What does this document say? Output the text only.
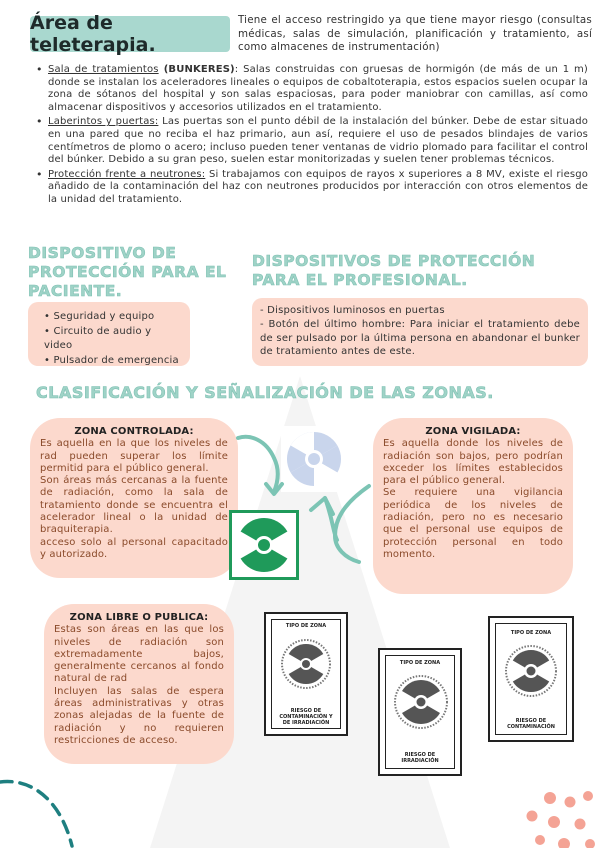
Área de teleterapia.

Tiene el acceso restringido ya que tiene mayor riesgo (consultas médicas, salas de simulación, planificación y tratamiento, así como almacenes de instrumentación)

• Sala de tratamientos (BUNKERES): Salas construidas con gruesas de hormigón (de más de un 1 m) donde se instalan los aceleradores lineales o equipos de cobaltoterapia, estos espacios suelen ocupar la zona de sótanos del hospital y son salas espaciosas, para poder maniobrar con camillas, así como almacenar dispositivos y accesorios utilizados en el tratamiento.
• Laberintos y puertas: Las puertas son el punto débil de la instalación del búnker. Debe de estar situado en una pared que no reciba el haz primario, aun así, requiere el uso de pesados blindajes de varios centímetros de plomo o acero; incluso pueden tener ventanas de vidrio plomado para facilitar el control del búnker. Debido a su gran peso, suelen estar monitorizadas y suelen tener problemas técnicos.
• Protección frente a neutrones: Si trabajamos con equipos de rayos x superiores a 8 MV, existe el riesgo añadido de la contaminación del haz con neutrones producidos por interacción con otros elementos de la unidad del tratamiento.
DISPOSITIVO DE PROTECCIÓN PARA EL PACIENTE.
• Seguridad y equipo
• Circuito de audio y video
• Pulsador de emergencia
DISPOSITIVOS DE PROTECCIÓN PARA EL PROFESIONAL.
- Dispositivos luminosos en puertas
- Botón del último hombre: Para iniciar el tratamiento debe de ser pulsado por la última persona en abandonar el bunker de tratamiento antes de este.
CLASIFICACIÓN Y SEÑALIZACIÓN DE LAS ZONAS.
ZONA CONTROLADA:
Es aquella en la que los niveles de rad pueden superar los límite permitid para el público general.
Son áreas más cercanas a la fuente de radiación, como la sala de tratamiento donde se encuentra el acelerador lineal o la unidad de braquiterapia.
acceso solo al personal capacitado y autorizado.
ZONA VIGILADA:
Es aquella donde los niveles de radiación son bajos, pero podrían exceder los límites establecidos para el público general.
Se requiere una vigilancia periódica de los niveles de radiación, pero no es necesario que el personal use equipos de protección personal en todo momento.
ZONA LIBRE O PUBLICA:
Estas son áreas en las que los niveles de radiación son extremadamente bajos, generalmente cercanos al fondo natural de rad
Incluyen las salas de espera áreas administrativas y otras zonas alejadas de la fuente de radiación y no requieren restricciones de acceso.
TIPO DE ZONA
RIESGO DE CONTAMINACIÓN Y DE IRRADIACIÓN
TIPO DE ZONA
RIESGO DE IRRADIACIÓN
TIPO DE ZONA
RIESGO DE CONTAMINACIÓN
